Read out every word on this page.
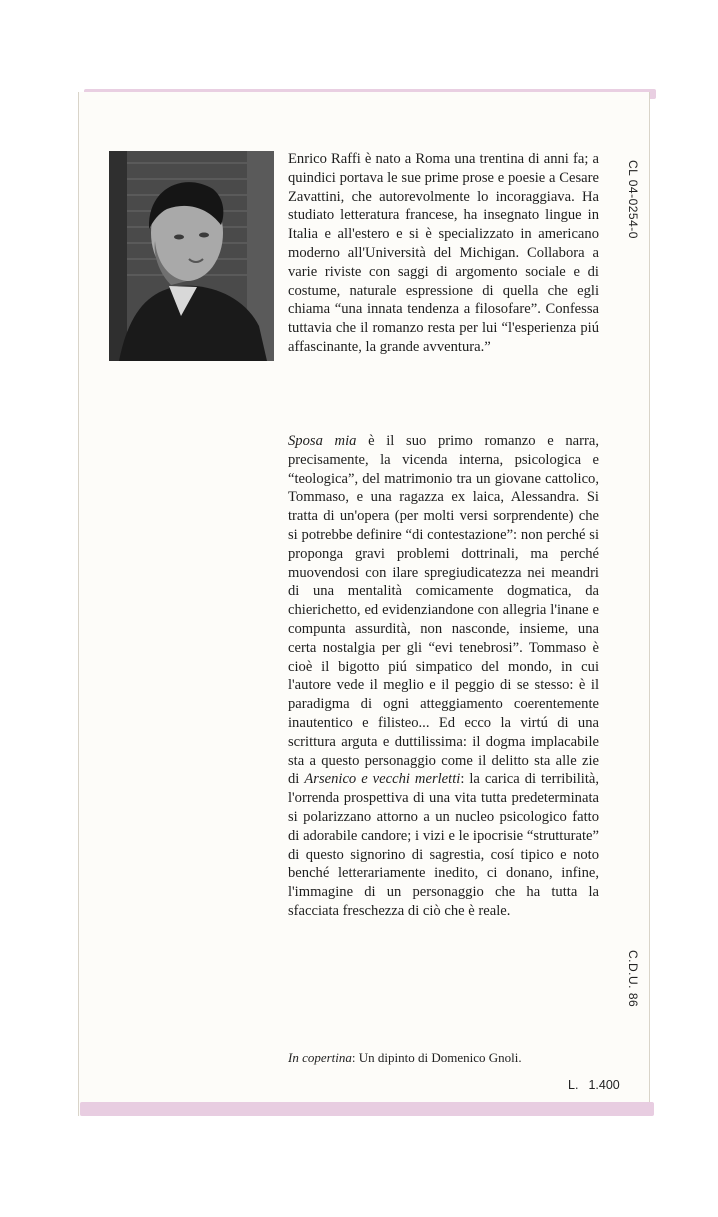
Enrico Raffi è nato a Roma una trentina di anni fa; a quindici portava le sue prime prose e poesie a Cesare Zavattini, che autorevolmente lo incoraggiava. Ha studiato letteratura francese, ha insegnato lingue in Italia e all'estero e si è specializzato in americano moderno all'Università del Michigan. Collabora a varie riviste con saggi di argomento sociale e di costume, naturale espressione di quella che egli chiama “una innata tendenza a filosofare”. Confessa tuttavia che il romanzo resta per lui “l'esperienza piú affascinante, la grande avventura.”

Sposa mia è il suo primo romanzo e narra, precisamente, la vicenda interna, psicologica e “teologica”, del matrimonio tra un giovane cattolico, Tommaso, e una ragazza ex laica, Alessandra. Si tratta di un'opera (per molti versi sorprendente) che si potrebbe definire “di contestazione”: non perché si proponga gravi problemi dottrinali, ma perché muovendosi con ilare spregiudicatezza nei meandri di una mentalità comicamente dogmatica, da chierichetto, ed evidenziandone con allegria l'inane e compunta assurdità, non nasconde, insieme, una certa nostalgia per gli “evi tenebrosi”. Tommaso è cioè il bigotto piú simpatico del mondo, in cui l'autore vede il meglio e il peggio di se stesso: è il paradigma di ogni atteggiamento coerentemente inautentico e filisteo... Ed ecco la virtú di una scrittura arguta e duttilissima: il dogma implacabile sta a questo personaggio come il delitto sta alle zie di Arsenico e vecchi merletti: la carica di terribilità, l'orrenda prospettiva di una vita tutta predeterminata si polarizzano attorno a un nucleo psicologico fatto di adorabile candore; i vizi e le ipocrisie “strutturate” di questo signorino di sagrestia, cosí tipico e noto benché letterariamente inedito, ci donano, infine, l'immagine di un personaggio che ha tutta la sfacciata freschezza di ciò che è reale.

In copertina: Un dipinto di Domenico Gnoli.
CL 04-0254-0
C.D.U. 86
L. 1.400
